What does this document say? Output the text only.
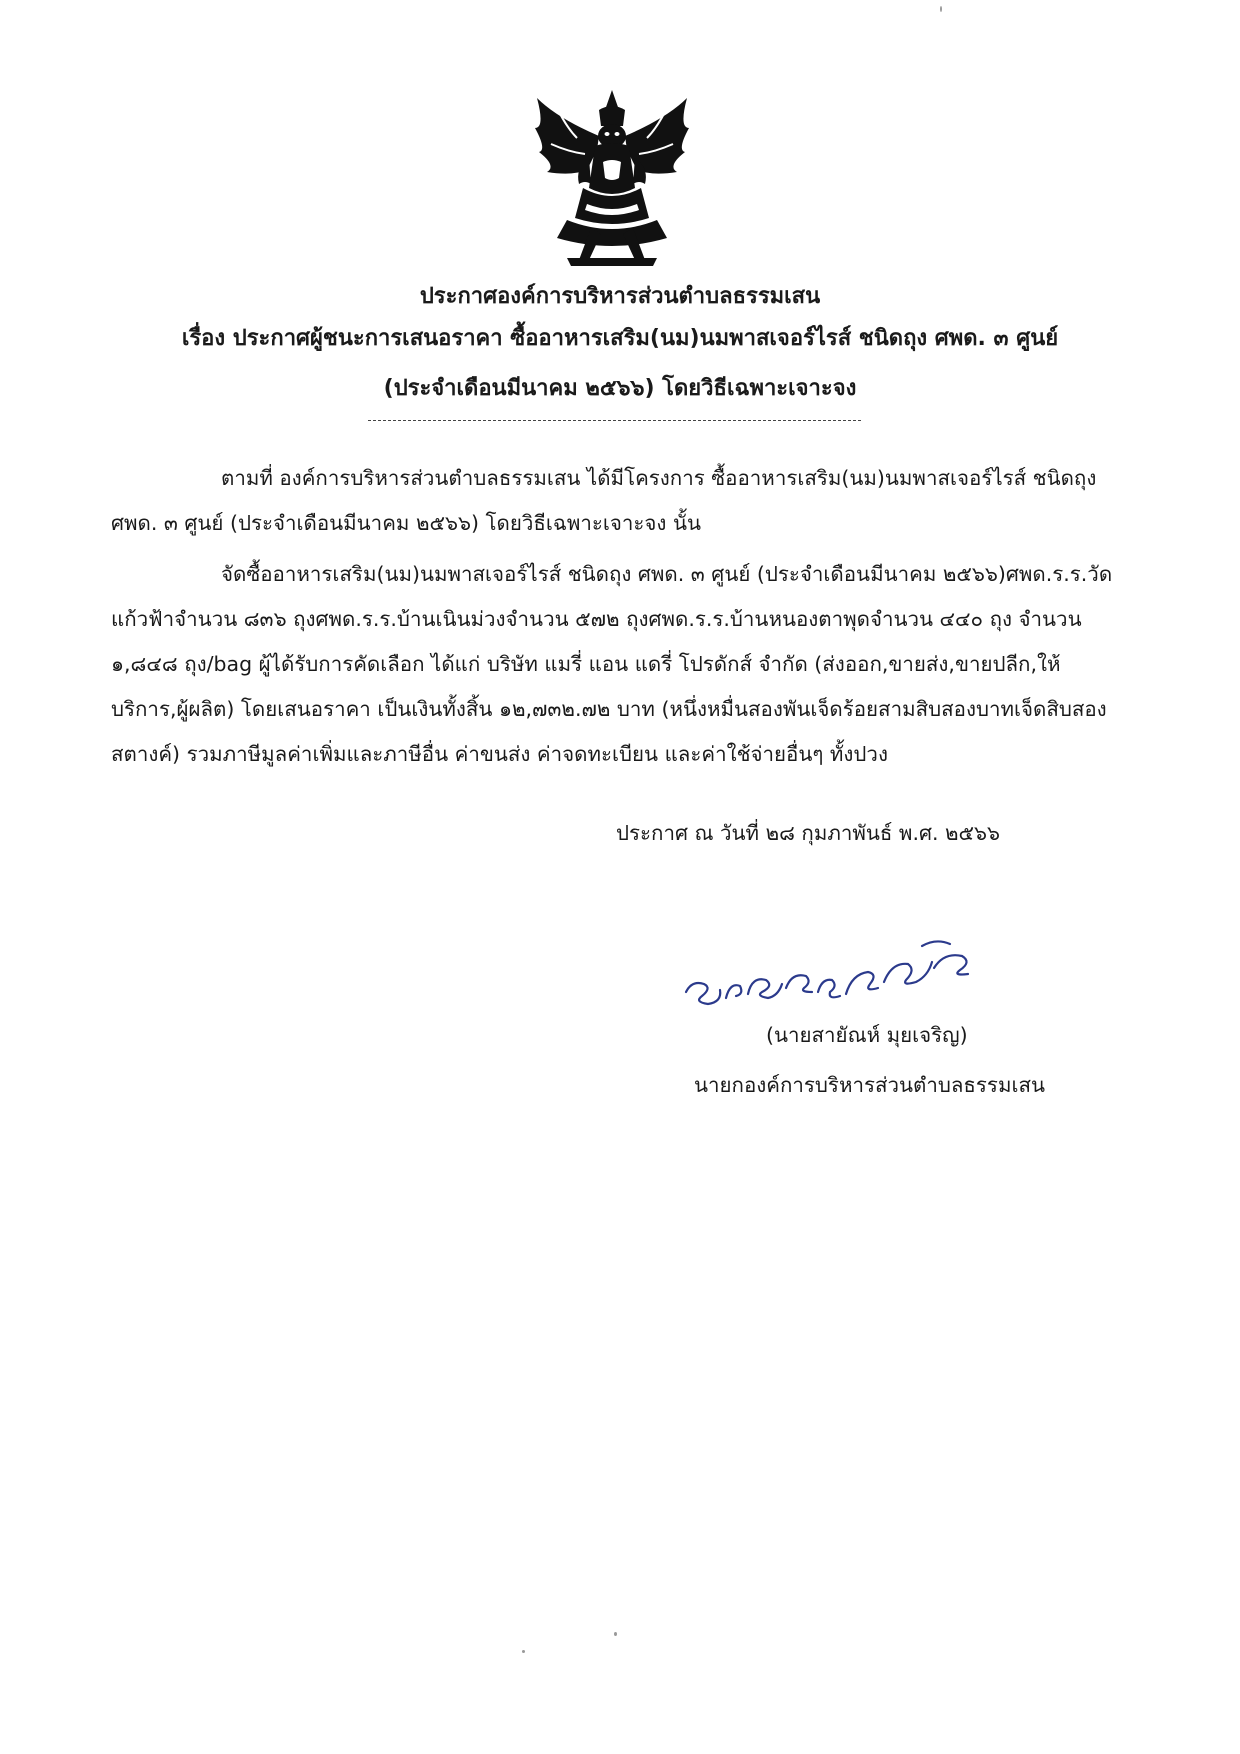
ประกาศองค์การบริหารส่วนตำบลธรรมเสน
เรื่อง ประกาศผู้ชนะการเสนอราคา ซื้ออาหารเสริม(นม)นมพาสเจอร์ไรส์ ชนิดถุง ศพด. ๓ ศูนย์
(ประจำเดือนมีนาคม ๒๕๖๖) โดยวิธีเฉพาะเจาะจง
ตามที่ องค์การบริหารส่วนตำบลธรรมเสน ได้มีโครงการ ซื้ออาหารเสริม(นม)นมพาสเจอร์ไรส์ ชนิดถุง
ศพด. ๓ ศูนย์ (ประจำเดือนมีนาคม ๒๕๖๖) โดยวิธีเฉพาะเจาะจง นั้น
จัดซื้ออาหารเสริม(นม)นมพาสเจอร์ไรส์ ชนิดถุง ศพด. ๓ ศูนย์ (ประจำเดือนมีนาคม ๒๕๖๖)ศพด.ร.ร.วัด
แก้วฟ้าจำนวน ๘๓๖ ถุงศพด.ร.ร.บ้านเนินม่วงจำนวน ๕๗๒ ถุงศพด.ร.ร.บ้านหนองตาพุดจำนวน ๔๔๐ ถุง จำนวน
๑,๘๔๘ ถุง/bag ผู้ได้รับการคัดเลือก ได้แก่ บริษัท แมรี่ แอน แดรี่ โปรดักส์ จำกัด (ส่งออก,ขายส่ง,ขายปลีก,ให้
บริการ,ผู้ผลิต) โดยเสนอราคา เป็นเงินทั้งสิ้น ๑๒,๗๓๒.๗๒ บาท (หนึ่งหมื่นสองพันเจ็ดร้อยสามสิบสองบาทเจ็ดสิบสอง
สตางค์) รวมภาษีมูลค่าเพิ่มและภาษีอื่น ค่าขนส่ง ค่าจดทะเบียน และค่าใช้จ่ายอื่นๆ ทั้งปวง
ประกาศ ณ วันที่ ๒๘ กุมภาพันธ์ พ.ศ. ๒๕๖๖
(นายสายัณห์ มุยเจริญ)
นายกองค์การบริหารส่วนตำบลธรรมเสน
